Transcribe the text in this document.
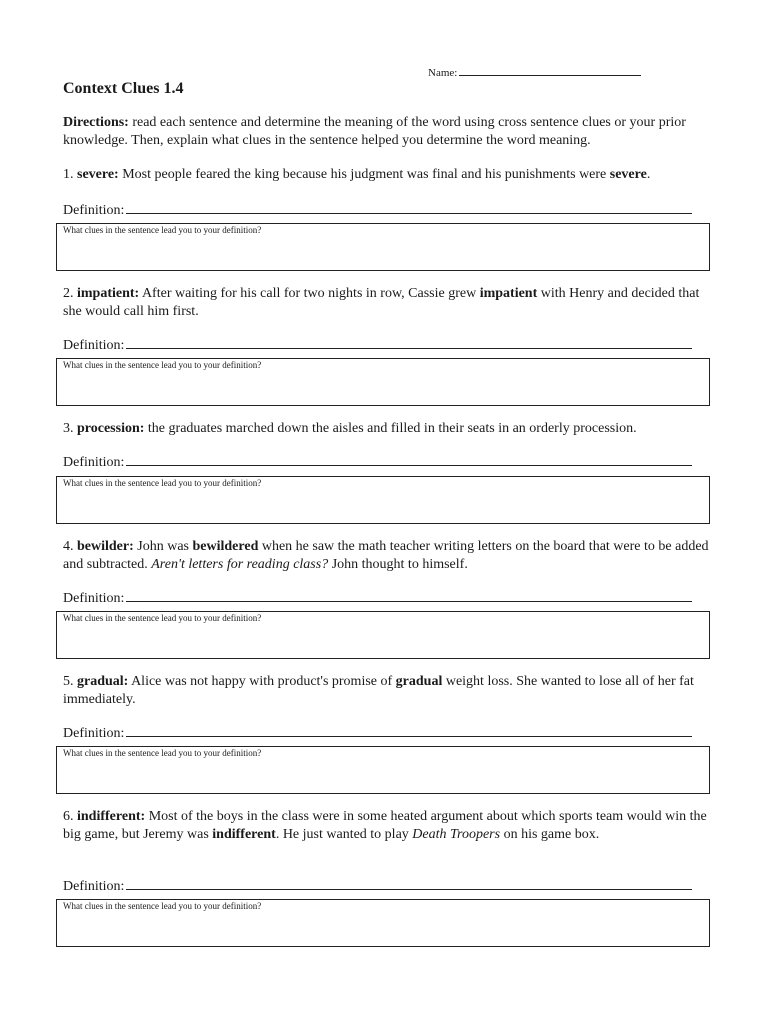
Name:
Context Clues 1.4
Directions: read each sentence and determine the meaning of the word using cross sentence clues or your prior knowledge. Then, explain what clues in the sentence helped you determine the word meaning.
1. severe: Most people feared the king because his judgment was final and his punishments were severe.
Definition:
What clues in the sentence lead you to your definition?
2. impatient: After waiting for his call for two nights in row, Cassie grew impatient with Henry and decided that she would call him first.
Definition:
What clues in the sentence lead you to your definition?
3. procession: the graduates marched down the aisles and filled in their seats in an orderly procession.
Definition:
What clues in the sentence lead you to your definition?
4. bewilder: John was bewildered when he saw the math teacher writing letters on the board that were to be added and subtracted. Aren't letters for reading class? John thought to himself.
Definition:
What clues in the sentence lead you to your definition?
5. gradual: Alice was not happy with product's promise of gradual weight loss. She wanted to lose all of her fat immediately.
Definition:
What clues in the sentence lead you to your definition?
6. indifferent: Most of the boys in the class were in some heated argument about which sports team would win the big game, but Jeremy was indifferent. He just wanted to play Death Troopers on his game box.
Definition:
What clues in the sentence lead you to your definition?
